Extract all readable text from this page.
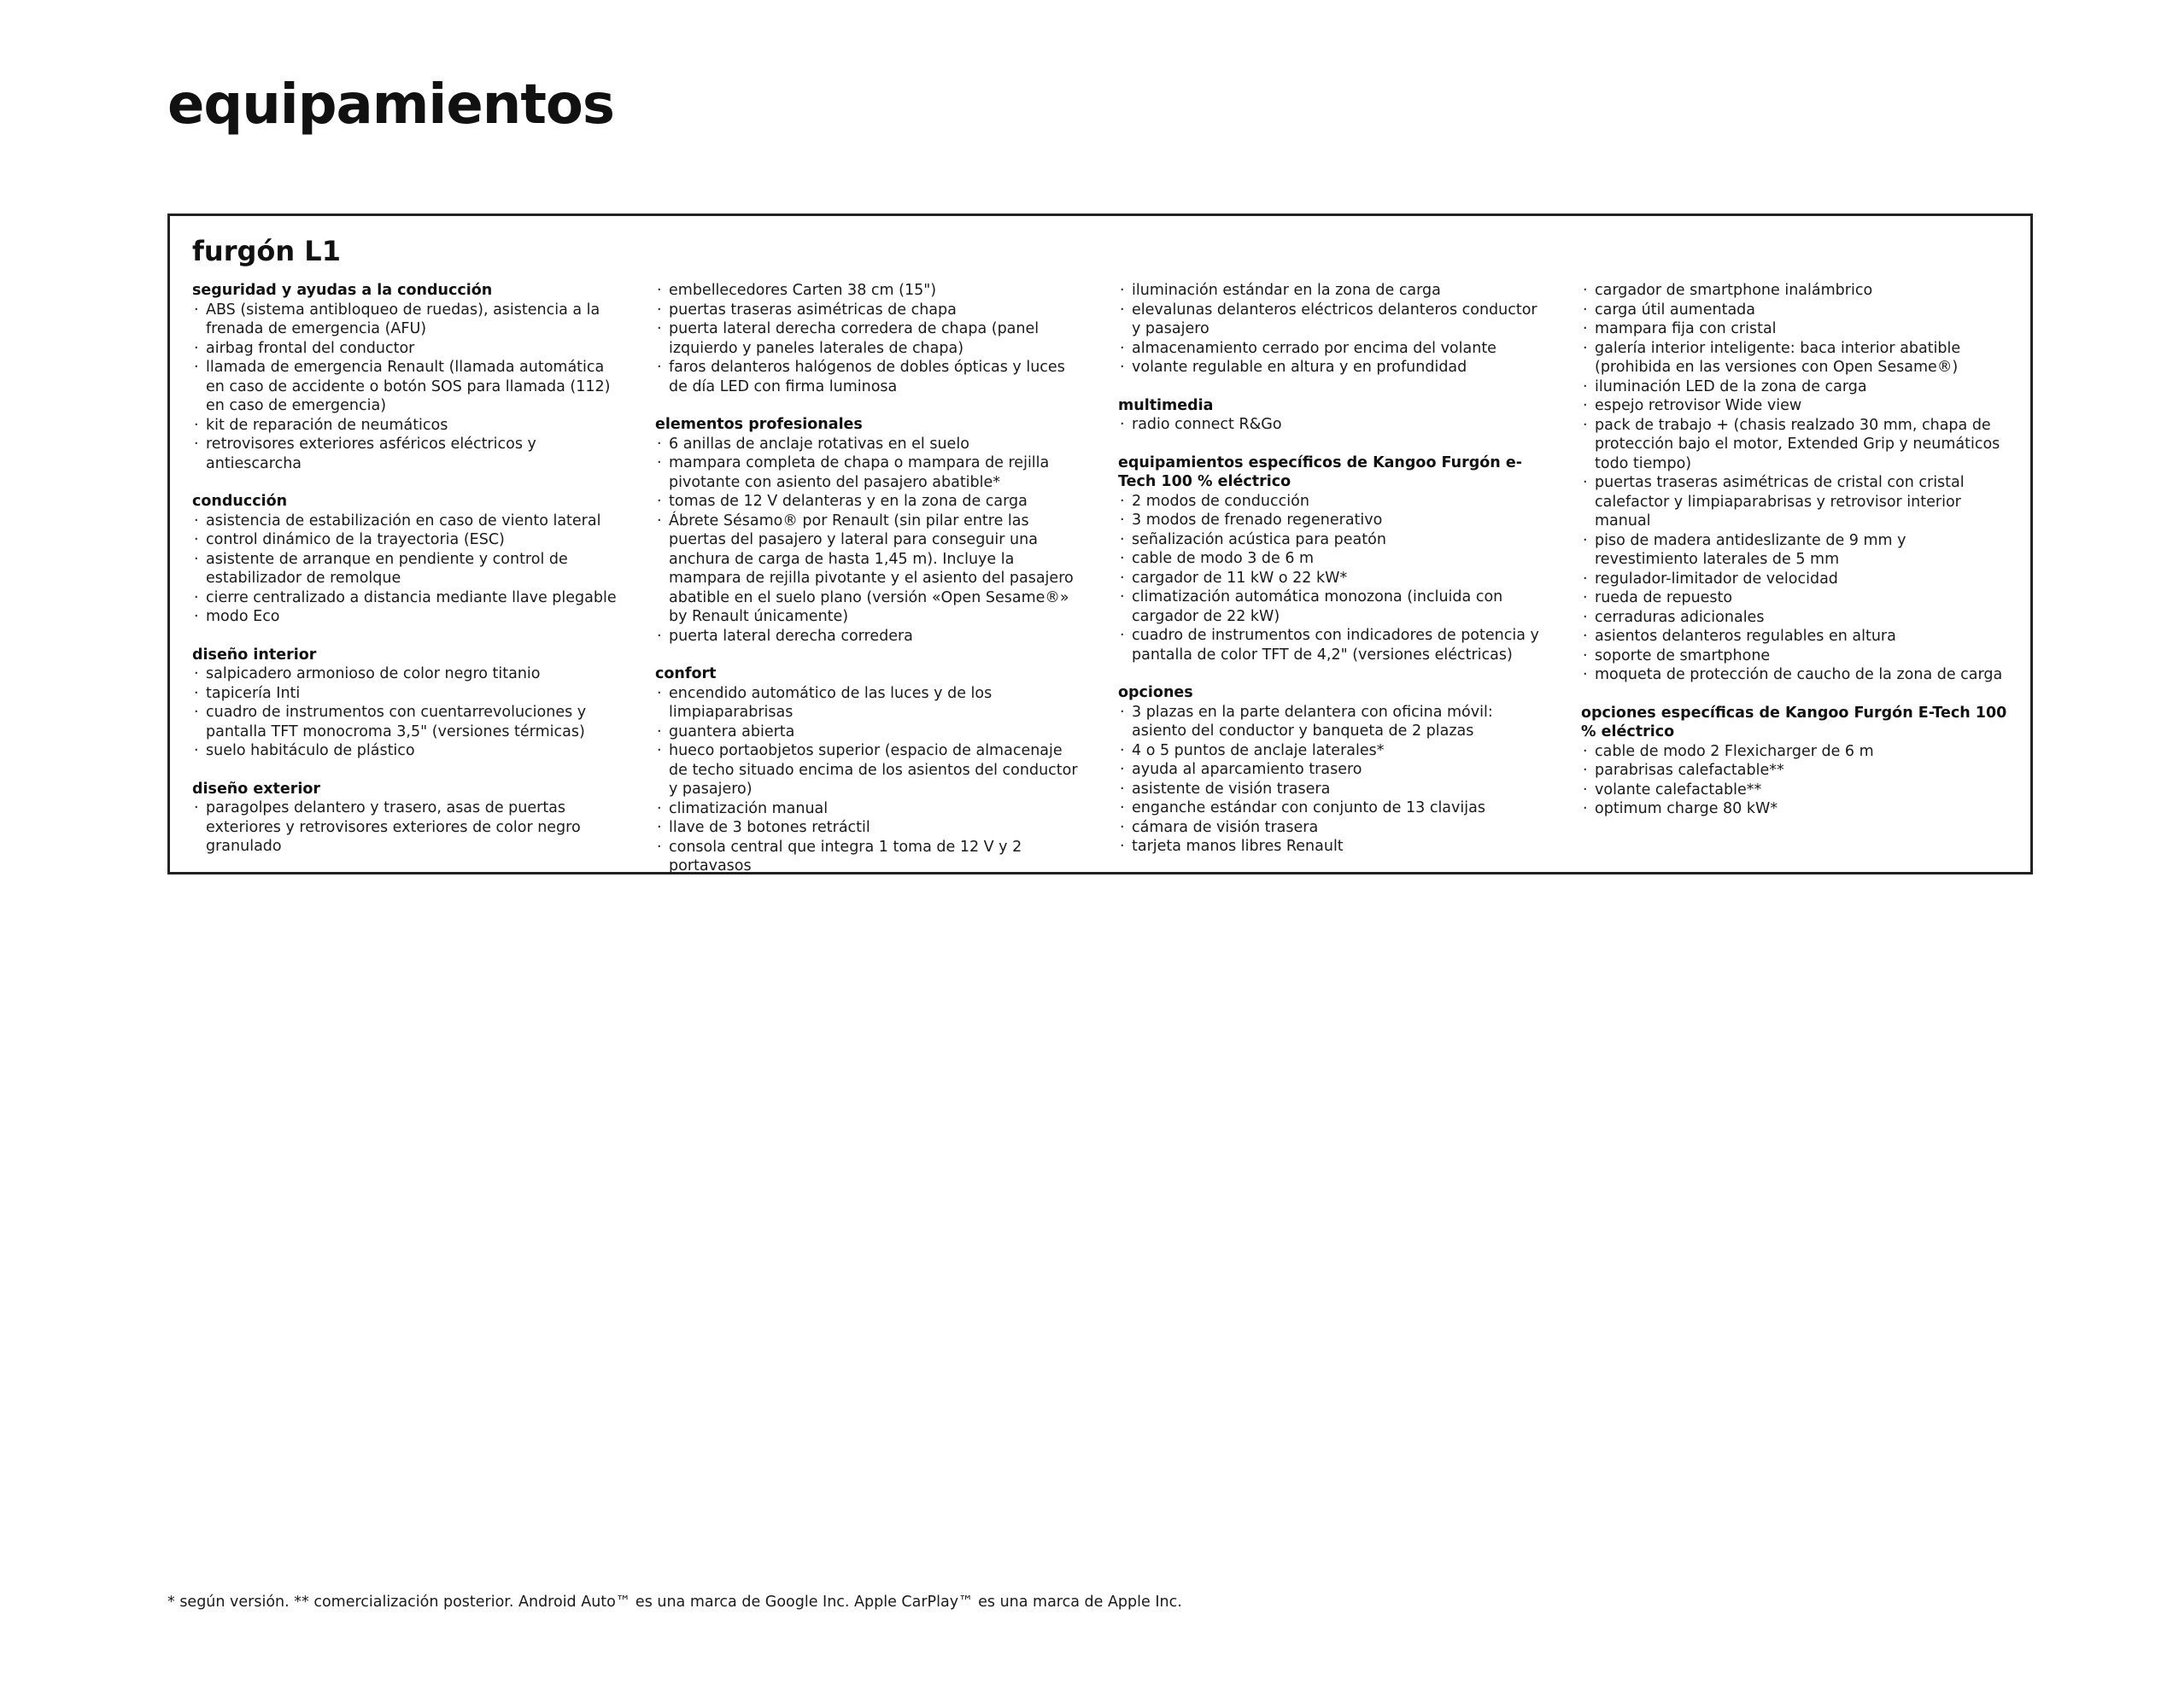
equipamientos
furgón L1

seguridad y ayudas a la conducción

· ABS (sistema antibloqueo de ruedas), asistencia a la frenada de emergencia (AFU)
· airbag frontal del conductor
· llamada de emergencia Renault (llamada automática en caso de accidente o botón SOS para llamada (112) en caso de emergencia)
· kit de reparación de neumáticos
· retrovisores exteriores asféricos eléctricos y antiescarcha

conducción

· asistencia de estabilización en caso de viento lateral
· control dinámico de la trayectoria (ESC)
· asistente de arranque en pendiente y control de estabilizador de remolque
· cierre centralizado a distancia mediante llave plegable
· modo Eco

diseño interior

· salpicadero armonioso de color negro titanio
· tapicería Inti
· cuadro de instrumentos con cuentarrevoluciones y pantalla TFT monocroma 3,5" (versiones térmicas)
· suelo habitáculo de plástico

diseño exterior

· paragolpes delantero y trasero, asas de puertas exteriores y retrovisores exteriores de color negro granulado
· embellecedores Carten 38 cm (15")
· puertas traseras asimétricas de chapa
· puerta lateral derecha corredera de chapa (panel izquierdo y paneles laterales de chapa)
· faros delanteros halógenos de dobles ópticas y luces de día LED con firma luminosa

elementos profesionales

· 6 anillas de anclaje rotativas en el suelo
· mampara completa de chapa o mampara de rejilla pivotante con asiento del pasajero abatible*
· tomas de 12 V delanteras y en la zona de carga
· Ábrete Sésamo® por Renault (sin pilar entre las puertas del pasajero y lateral para conseguir una anchura de carga de hasta 1,45 m). Incluye la mampara de rejilla pivotante y el asiento del pasajero abatible en el suelo plano (versión «Open Sesame®» by Renault únicamente)
· puerta lateral derecha corredera

confort

· encendido automático de las luces y de los limpiaparabrisas
· guantera abierta
· hueco portaobjetos superior (espacio de almacenaje de techo situado encima de los asientos del conductor y pasajero)
· climatización manual
· llave de 3 botones retráctil
· consola central que integra 1 toma de 12 V y 2 portavasos
· iluminación estándar en la zona de carga
· elevalunas delanteros eléctricos delanteros conductor y pasajero
· almacenamiento cerrado por encima del volante
· volante regulable en altura y en profundidad

multimedia

· radio connect R&Go

equipamientos específicos de Kangoo Furgón e-Tech 100 % eléctrico

· 2 modos de conducción
· 3 modos de frenado regenerativo
· señalización acústica para peatón
· cable de modo 3 de 6 m
· cargador de 11 kW o 22 kW*
· climatización automática monozona (incluida con cargador de 22 kW)
· cuadro de instrumentos con indicadores de potencia y pantalla de color TFT de 4,2" (versiones eléctricas)

opciones

· 3 plazas en la parte delantera con oficina móvil: asiento del conductor y banqueta de 2 plazas
· 4 o 5 puntos de anclaje laterales*
· ayuda al aparcamiento trasero
· asistente de visión trasera
· enganche estándar con conjunto de 13 clavijas
· cámara de visión trasera
· tarjeta manos libres Renault
· cargador de smartphone inalámbrico
· carga útil aumentada
· mampara fija con cristal
· galería interior inteligente: baca interior abatible (prohibida en las versiones con Open Sesame®)
· iluminación LED de la zona de carga
· espejo retrovisor Wide view
· pack de trabajo + (chasis realzado 30 mm, chapa de protección bajo el motor, Extended Grip y neumáticos todo tiempo)
· puertas traseras asimétricas de cristal con cristal calefactor y limpiaparabrisas y retrovisor interior manual
· piso de madera antideslizante de 9 mm y revestimiento laterales de 5 mm
· regulador-limitador de velocidad
· rueda de repuesto
· cerraduras adicionales
· asientos delanteros regulables en altura
· soporte de smartphone
· moqueta de protección de caucho de la zona de carga

opciones específicas de Kangoo Furgón E-Tech 100 % eléctrico

· cable de modo 2 Flexicharger de 6 m
· parabrisas calefactable**
· volante calefactable**
· optimum charge 80 kW*
* según versión. ** comercialización posterior. Android Auto™ es una marca de Google Inc. Apple CarPlay™ es una marca de Apple Inc.
